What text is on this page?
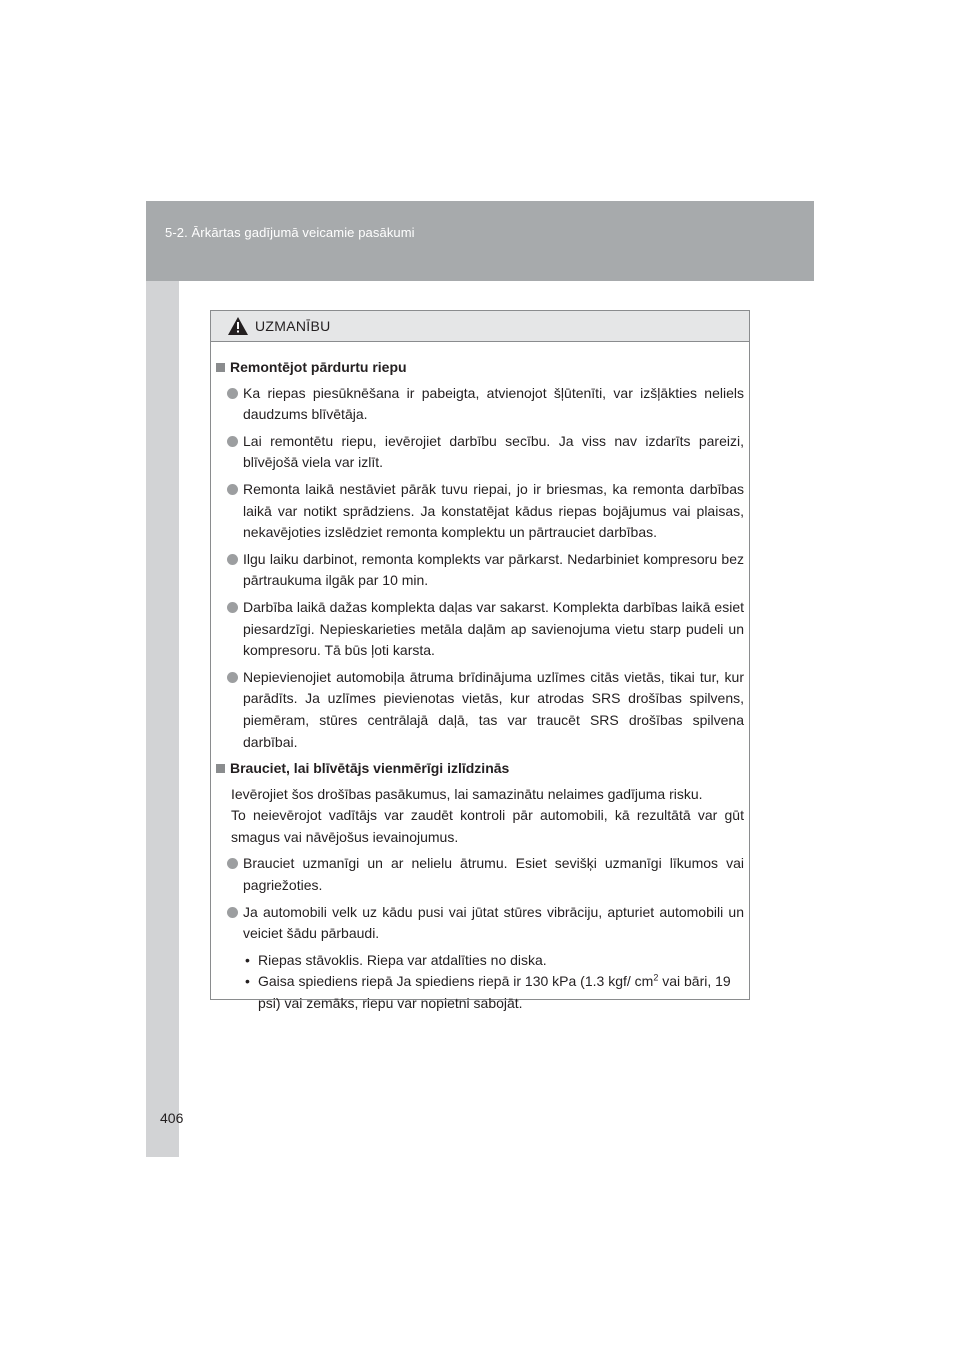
5-2. Ārkārtas gadījumā veicamie pasākumi
UZMANĪBU
Remontējot pārdurtu riepu
Ka riepas piesūknēšana ir pabeigta, atvienojot šļūtenīti, var izšļākties neliels daudzums blīvētāja.
Lai remontētu riepu, ievērojiet darbību secību. Ja viss nav izdarīts pareizi, blīvējošā viela var izlīt.
Remonta laikā nestāviet pārāk tuvu riepai, jo ir briesmas, ka remonta darbības laikā var notikt sprādziens. Ja konstatējat kādus riepas bojājumus vai plaisas, nekavējoties izslēdziet remonta komplektu un pārtrauciet darbības.
Ilgu laiku darbinot, remonta komplekts var pārkarst. Nedarbiniet kompresoru bez pārtraukuma ilgāk par 10 min.
Darbība laikā dažas komplekta daļas var sakarst. Komplekta darbības laikā esiet piesardzīgi. Nepieskarieties metāla daļām ap savienojuma vietu starp pudeli un kompresoru. Tā būs ļoti karsta.
Nepievienojiet automobiļa ātruma brīdinājuma uzlīmes citās vietās, tikai tur, kur parādīts. Ja uzlīmes pievienotas vietās, kur atrodas SRS drošības spilvens, piemēram, stūres centrālajā daļā, tas var traucēt SRS drošības spilvena darbībai.
Brauciet, lai blīvētājs vienmērīgi izlīdzinās
Ievērojiet šos drošības pasākumus, lai samazinātu nelaimes gadījuma risku.
To neievērojot vadītājs var zaudēt kontroli pār automobili, kā rezultātā var gūt smagus vai nāvējošus ievainojumus.
Brauciet uzmanīgi un ar nelielu ātrumu. Esiet sevišķi uzmanīgi līkumos vai pagriežoties.
Ja automobili velk uz kādu pusi vai jūtat stūres vibrāciju, apturiet automobili un veiciet šādu pārbaudi.
• Riepas stāvoklis. Riepa var atdalīties no diska.
• Gaisa spiediens riepā Ja spiediens riepā ir 130 kPa (1.3 kgf/ $cm^2$ vai bāri, 19 psi) vai zemāks, riepu var nopietni sabojāt.
406
